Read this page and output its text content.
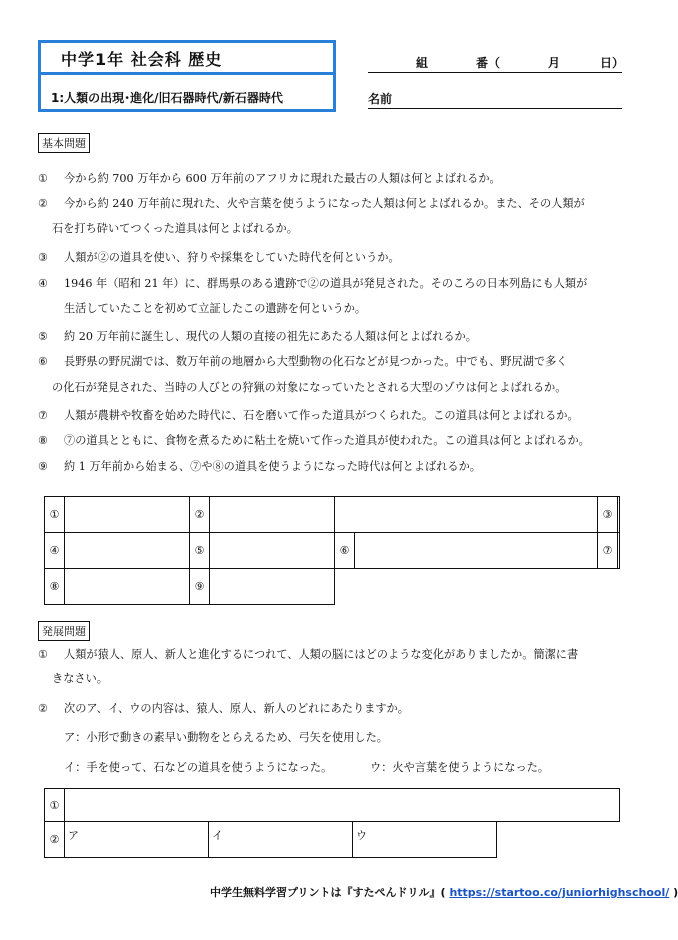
中学1年 社会科 歴史
1:人類の出現･進化/旧石器時代/新石器時代
組	番（	月	日）
名前
基本問題
① 今から約 700 万年から 600 万年前のアフリカに現れた最古の人類は何とよばれるか。
② 今から約 240 万年前に現れた、火や言葉を使うようになった人類は何とよばれるか。また、その人類が
石を打ち砕いてつくった道具は何とよばれるか。
③ 人類が②の道具を使い、狩りや採集をしていた時代を何というか。
④ 1946 年（昭和 21 年）に、群馬県のある遺跡で②の道具が発見された。そのころの日本列島にも人類が
生活していたことを初めて立証したこの遺跡を何というか。
⑤ 約 20 万年前に誕生し、現代の人類の直接の祖先にあたる人類は何とよばれるか。
⑥ 長野県の野尻湖では、数万年前の地層から大型動物の化石などが見つかった。中でも、野尻湖で多く
の化石が発見された、当時の人びとの狩猟の対象になっていたとされる大型のゾウは何とよばれるか。
⑦ 人類が農耕や牧畜を始めた時代に、石を磨いて作った道具がつくられた。この道具は何とよばれるか。
⑧ ⑦の道具とともに、食物を煮るために粘土を焼いて作った道具が使われた。この道具は何とよばれるか。
⑨ 約 1 万年前から始まる、⑦や⑧の道具を使うようになった時代は何とよばれるか。
①		②				③	
④		⑤		⑥		⑦	
⑧		⑨					
発展問題
① 人類が猿人、原人、新人と進化するにつれて、人類の脳にはどのような変化がありましたか。簡潔に書
きなさい。
② 次のア、イ、ウの内容は、猿人、原人、新人のどれにあたりますか。
ア：小形で動きの素早い動物をとらえるため、弓矢を使用した。
イ：手を使って、石などの道具を使うようになった。	ウ：火や言葉を使うようになった。
①				
②	ア	イ	ウ	
中学生無料学習プリントは『すたぺんドリル』( https://startoo.co/juniorhighschool/ )
